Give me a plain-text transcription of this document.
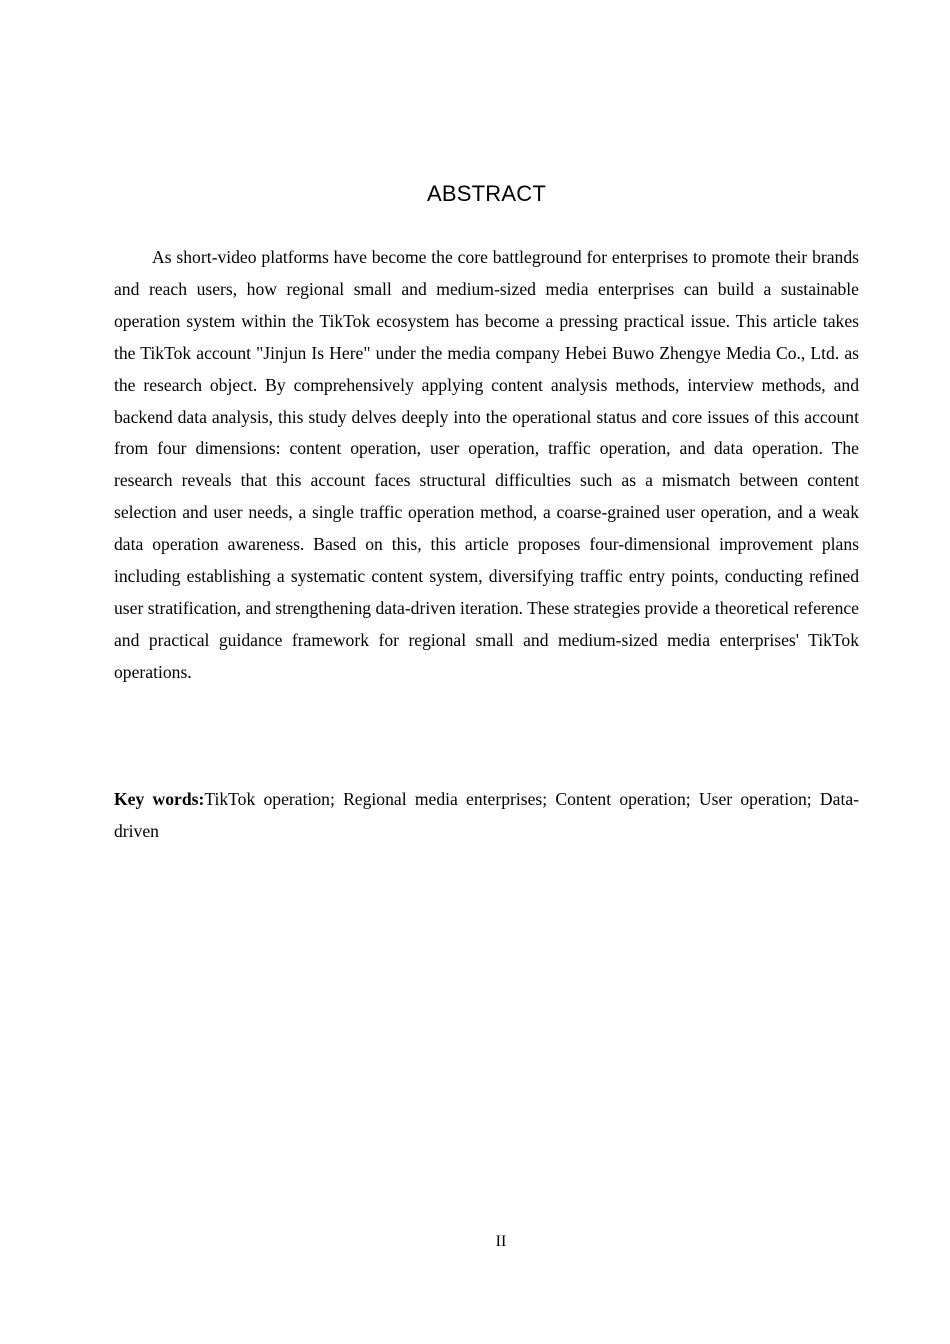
ABSTRACT

As short-video platforms have become the core battleground for enterprises to promote their brands and reach users, how regional small and medium-sized media enterprises can build a sustainable operation system within the TikTok ecosystem has become a pressing practical issue. This article takes the TikTok account "Jinjun Is Here" under the media company Hebei Buwo Zhengye Media Co., Ltd. as the research object. By comprehensively applying content analysis methods, interview methods, and backend data analysis, this study delves deeply into the operational status and core issues of this account from four dimensions: content operation, user operation, traffic operation, and data operation. The research reveals that this account faces structural difficulties such as a mismatch between content selection and user needs, a single traffic operation method, a coarse-grained user operation, and a weak data operation awareness. Based on this, this article proposes four-dimensional improvement plans including establishing a systematic content system, diversifying traffic entry points, conducting refined user stratification, and strengthening data-driven iteration. These strategies provide a theoretical reference and practical guidance framework for regional small and medium-sized media enterprises' TikTok operations.

Key words:TikTok operation; Regional media enterprises; Content operation; User operation; Data-driven

II
